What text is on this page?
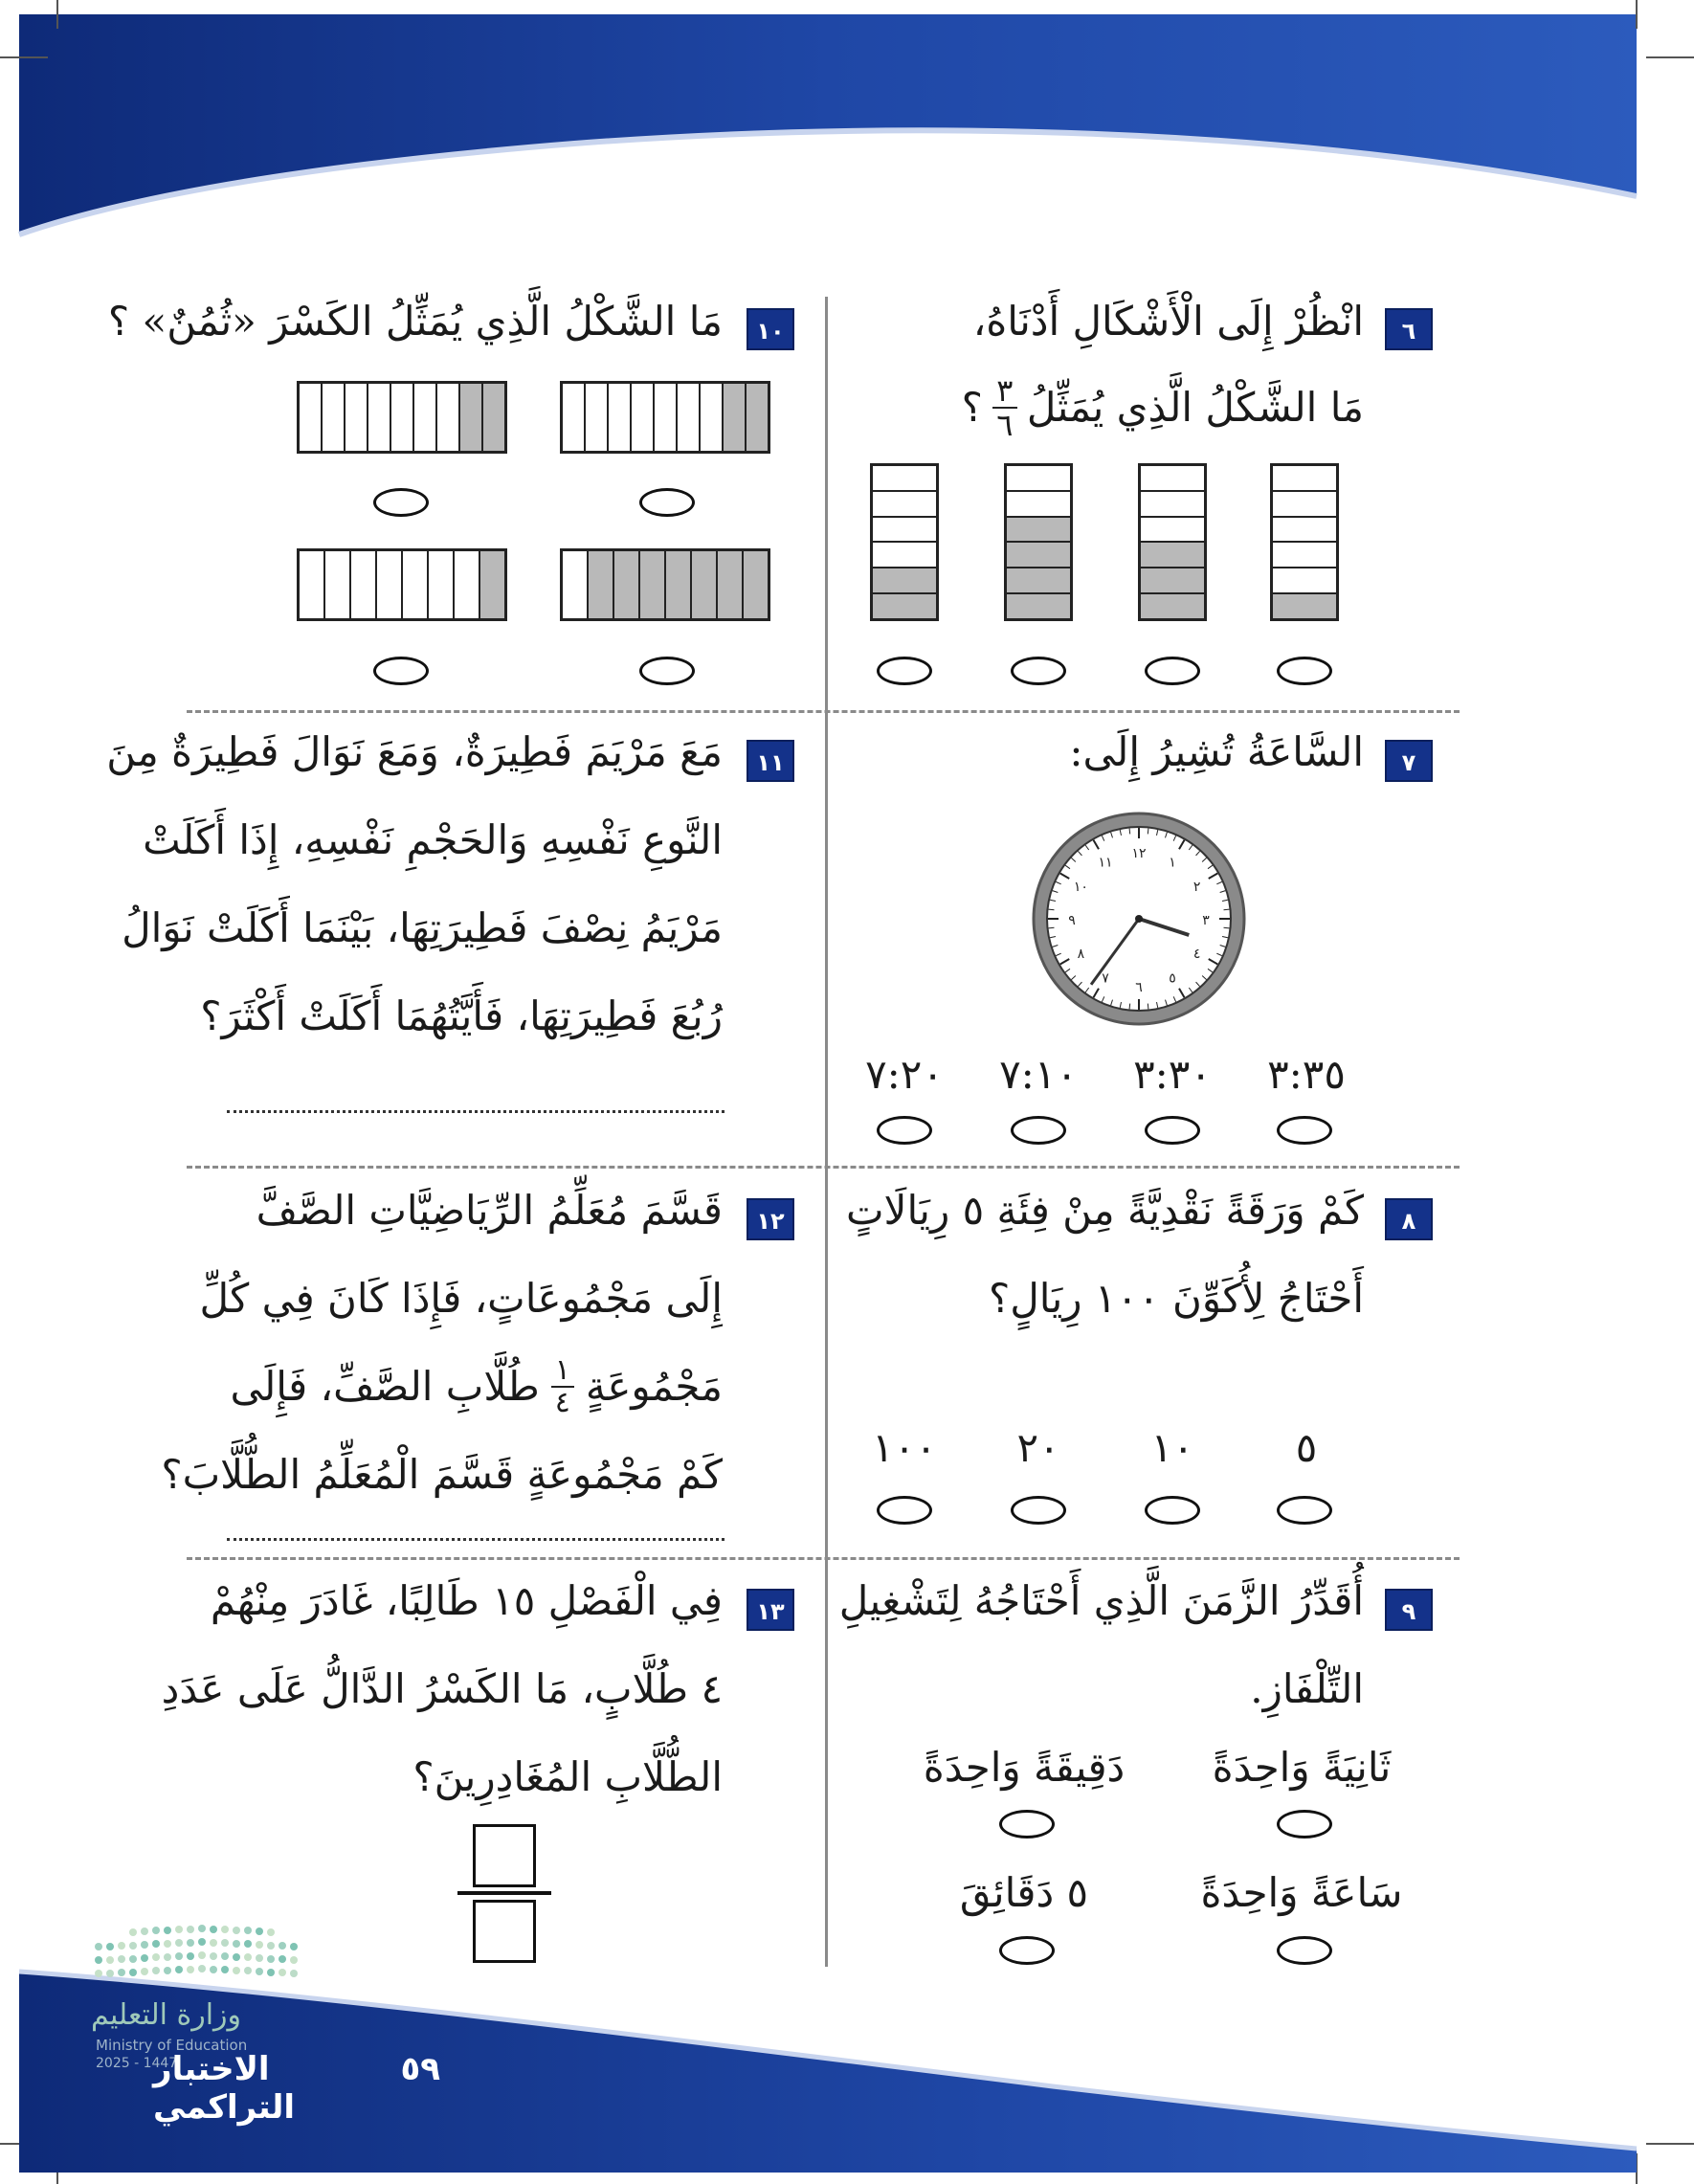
٦
انْظُرْ إِلَى الْأَشْكَالِ أَدْنَاهُ،
مَا الشَّكْلُ الَّذِي يُمَثِّلُ
٣
٦
؟
١٠
مَا الشَّكْلُ الَّذِي يُمَثِّلُ الكَسْرَ «ثُمُنٌ» ؟
٧
السَّاعَةُ تُشِيرُ إِلَى:
١٢
١
٢
٣
٤
٥
٦
٧
٨
٩
١٠
١١
٣:٣٥
٣:٣٠
٧:١٠
٧:٢٠
١١
مَعَ مَرْيَمَ فَطِيرَةٌ، وَمَعَ نَوَالَ فَطِيرَةٌ مِنَ
النَّوعِ نَفْسِهِ وَالحَجْمِ نَفْسِهِ، إِذَا أَكَلَتْ
مَرْيَمُ نِصْفَ فَطِيرَتِهَا، بَيْنَمَا أَكَلَتْ نَوَالُ
رُبُعَ فَطِيرَتِهَا، فَأَيَّتُهُمَا أَكَلَتْ أَكْثَرَ؟
٨
كَمْ وَرَقَةً نَقْدِيَّةً مِنْ فِئَةِ ٥ رِيَالَاتٍ
أَحْتَاجُ لِأُكَوِّنَ ١٠٠ رِيَالٍ؟
٥
١٠
٢٠
١٠٠
١٢
قَسَّمَ مُعَلِّمُ الرِّيَاضِيَّاتِ الصَّفَّ
إِلَى مَجْمُوعَاتٍ، فَإِذَا كَانَ فِي كُلِّ
مَجْمُوعَةٍ
١
٤
طُلَّابِ الصَّفِّ، فَإِلَى
كَمْ مَجْمُوعَةٍ قَسَّمَ الْمُعَلِّمُ الطُّلَّابَ؟
٩
أُقَدِّرُ الزَّمَنَ الَّذِي أَحْتَاجُهُ لِتَشْغِيلِ
التِّلْفَازِ.
ثَانِيَةً وَاحِدَةً
دَقِيقَةً وَاحِدَةً
سَاعَةً وَاحِدَةً
٥ دَقَائِقَ
١٣
فِي الْفَصْلِ ١٥ طَالِبًا، غَادَرَ مِنْهُمْ
٤ طُلَّابٍ، مَا الكَسْرُ الدَّالُّ عَلَى عَدَدِ
الطُّلَّابِ المُغَادِرِينَ؟
وزارة التعليم
Ministry of Education
2025 - 1447	٥٩
الاختبار التراكمي
